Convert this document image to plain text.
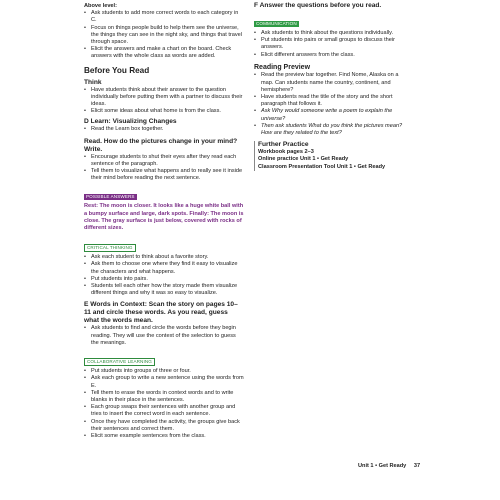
Above level:
• Ask students to add more correct words to each category in C.
• Focus on things people build to help them see the universe, the things they can see in the night sky, and things that travel through space.
• Elicit the answers and make a chart on the board. Check answers with the whole class as words are added.
Before You Read
Think
• Have students think about their answer to the question individually before putting them with a partner to discuss their ideas.
• Elicit some ideas about what home is from the class.
D Learn: Visualizing Changes
• Read the Learn box together.
Read. How do the pictures change in your mind? Write.
• Encourage students to shut their eyes after they read each sentence of the paragraph.
• Tell them to visualize what happens and to really see it inside their mind before reading the next sentence.
POSSIBLE ANSWERS
Rest: The moon is closer. It looks like a huge white ball with a bumpy surface and large, dark spots. Finally: The moon is close. The gray surface is just below, covered with rocks of different sizes.
CRITICAL THINKING
• Ask each student to think about a favorite story.
• Ask them to choose one where they find it easy to visualize the characters and what happens.
• Put students into pairs.
• Students tell each other how the story made them visualize different things and why it was so easy to visualize.
E Words in Context: Scan the story on pages 10–11 and circle these words. As you read, guess what the words mean.
• Ask students to find and circle the words before they begin reading. They will use the context of the selection to guess the meanings.
COLLABORATIVE LEARNING
• Put students into groups of three or four.
• Ask each group to write a new sentence using the words from E.
• Tell them to erase the words in context words and to write blanks in their place in the sentences.
• Each group swaps their sentences with another group and tries to insert the correct word in each sentence.
• Once they have completed the activity, the groups give back their sentences and correct them.
• Elicit some example sentences from the class.
F Answer the questions before you read.
COMMUNICATION
• Ask students to think about the questions individually.
• Put students into pairs or small groups to discuss their answers.
• Elicit different answers from the class.
Reading Preview
• Read the preview bar together. Find Nome, Alaska on a map. Can students name the country, continent, and hemisphere?
• Have students read the title of the story and the short paragraph that follows it.
• Ask Why would someone write a poem to explain the universe?
• Then ask students What do you think the pictures mean? How are they related to the text?
Further Practice
Workbook pages 2–3
Online practice Unit 1 • Get Ready
Classroom Presentation Tool Unit 1 • Get Ready
Unit 1 • Get Ready 37
